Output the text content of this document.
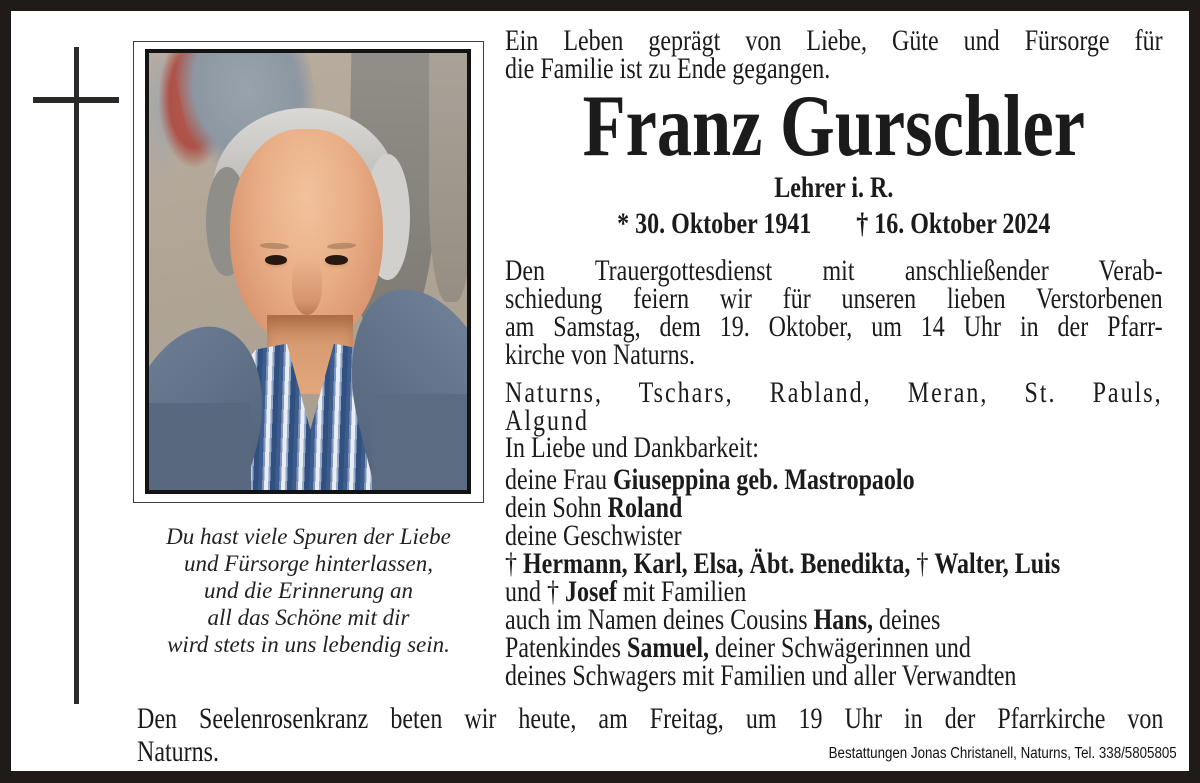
Du hast viele Spuren der Liebe
und Fürsorge hinterlassen,
und die Erinnerung an
all das Schöne mit dir
wird stets in uns lebendig sein.
Ein Leben geprägt von Liebe, Güte und Fürsorge für
die Familie ist zu Ende gegangen.
Franz Gurschler
Lehrer i. R.
* 30. Oktober 1941 † 16. Oktober 2024
Den Trauergottesdienst mit anschließender Verab-
schiedung feiern wir für unseren lieben Verstorbenen
am Samstag, dem 19. Oktober, um 14 Uhr in der Pfarr-
kirche von Naturns.
Naturns, Tschars, Rabland, Meran, St. Pauls,
Algund
In Liebe und Dankbarkeit:
deine Frau Giuseppina geb. Mastropaolo
dein Sohn Roland
deine Geschwister
† Hermann, Karl, Elsa, Äbt. Benedikta, † Walter, Luis
und † Josef mit Familien
auch im Namen deines Cousins Hans, deines
Patenkindes Samuel, deiner Schwägerinnen und
deines Schwagers mit Familien und aller Verwandten
Den Seelenrosenkranz beten wir heute, am Freitag, um 19 Uhr in der Pfarrkirche von
Naturns.	Bestattungen Jonas Christanell, Naturns, Tel. 338/5805805
